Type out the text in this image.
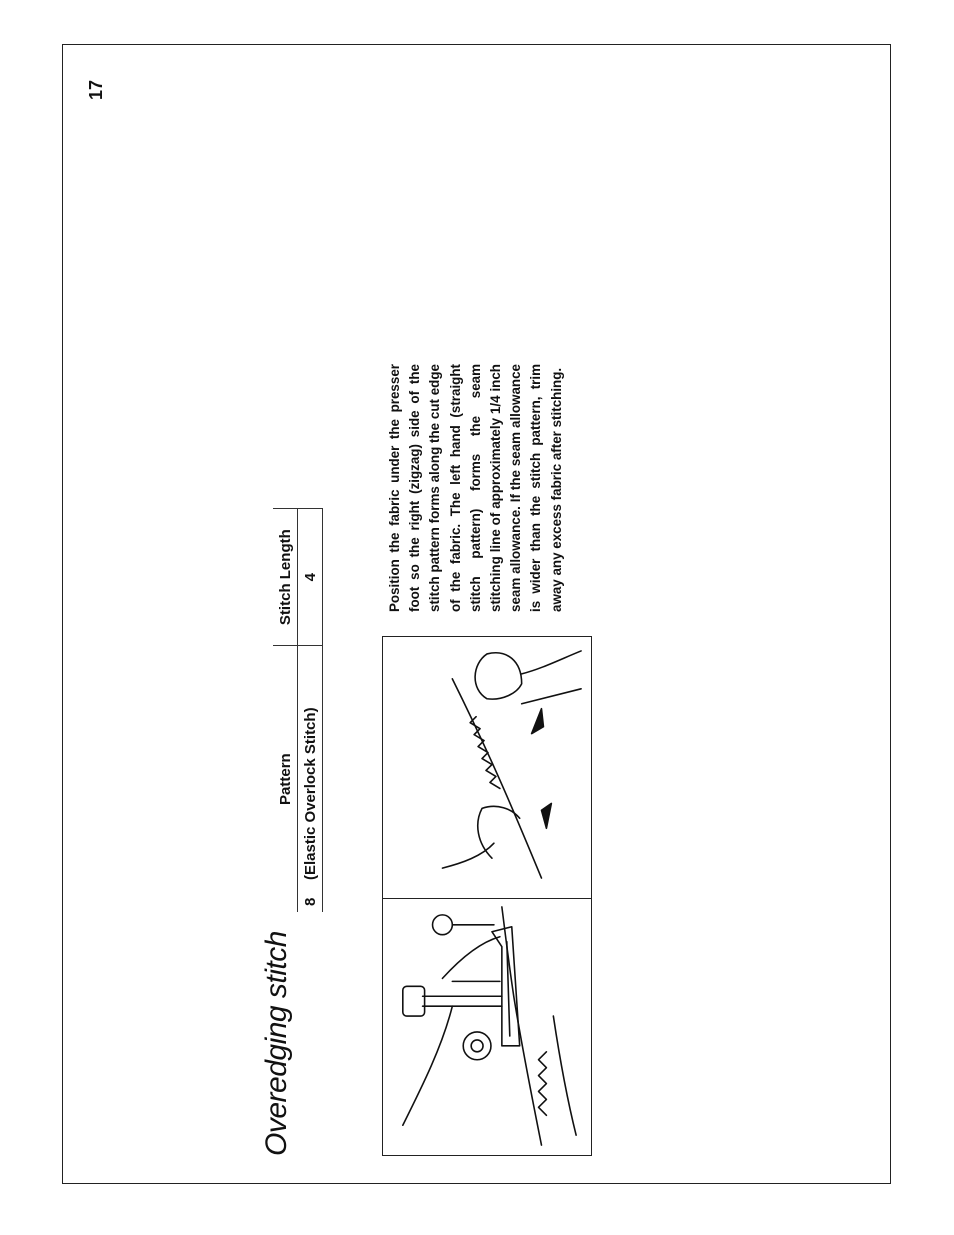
17
Overedging stitch
Pattern	Stitch Length
8(Elastic Overlock Stitch)	4	Position the fabric under the presser foot so the right (zigzag) side of the stitch pattern forms along the cut edge of the fabric. The left hand (straight stitch pattern) forms the seam stitching line of approximately 1/4 inch seam allowance. If the seam allowance is wider than the stitch pattern, trim away any excess fabric after stitching.
